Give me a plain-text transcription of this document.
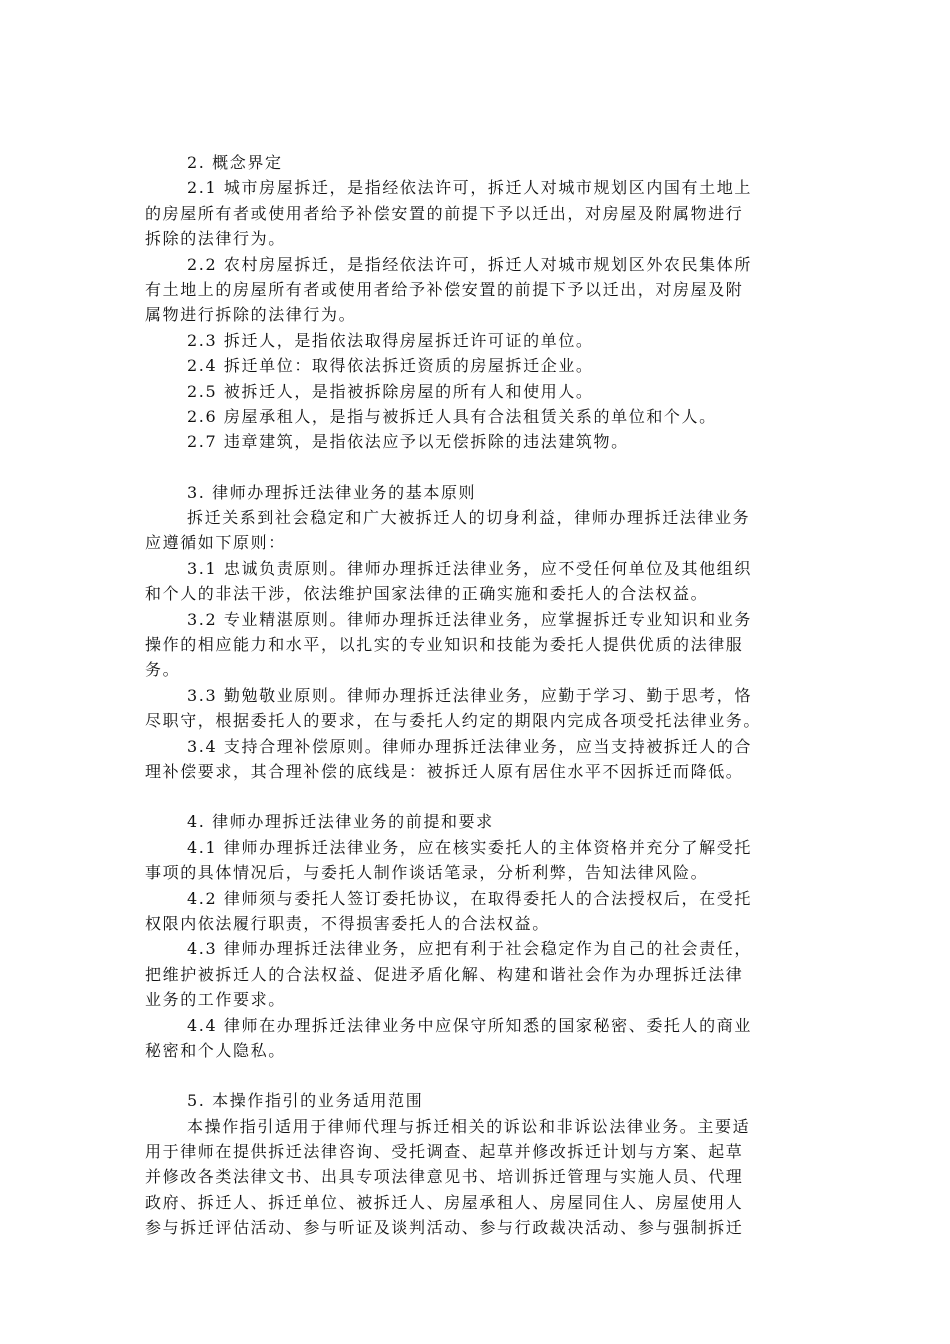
2. 概念界定
2.1 城市房屋拆迁，是指经依法许可，拆迁人对城市规划区内国有土地上
的房屋所有者或使用者给予补偿安置的前提下予以迁出，对房屋及附属物进行
拆除的法律行为。
2.2 农村房屋拆迁，是指经依法许可，拆迁人对城市规划区外农民集体所
有土地上的房屋所有者或使用者给予补偿安置的前提下予以迁出，对房屋及附
属物进行拆除的法律行为。
2.3 拆迁人，是指依法取得房屋拆迁许可证的单位。
2.4 拆迁单位：取得依法拆迁资质的房屋拆迁企业。
2.5 被拆迁人，是指被拆除房屋的所有人和使用人。
2.6 房屋承租人，是指与被拆迁人具有合法租赁关系的单位和个人。
2.7 违章建筑，是指依法应予以无偿拆除的违法建筑物。
3. 律师办理拆迁法律业务的基本原则
拆迁关系到社会稳定和广大被拆迁人的切身利益，律师办理拆迁法律业务
应遵循如下原则：
3.1 忠诚负责原则。律师办理拆迁法律业务，应不受任何单位及其他组织
和个人的非法干涉，依法维护国家法律的正确实施和委托人的合法权益。
3.2 专业精湛原则。律师办理拆迁法律业务，应掌握拆迁专业知识和业务
操作的相应能力和水平，以扎实的专业知识和技能为委托人提供优质的法律服
务。
3.3 勤勉敬业原则。律师办理拆迁法律业务，应勤于学习、勤于思考，恪
尽职守，根据委托人的要求，在与委托人约定的期限内完成各项受托法律业务。
3.4 支持合理补偿原则。律师办理拆迁法律业务，应当支持被拆迁人的合
理补偿要求，其合理补偿的底线是：被拆迁人原有居住水平不因拆迁而降低。
4. 律师办理拆迁法律业务的前提和要求
4.1 律师办理拆迁法律业务，应在核实委托人的主体资格并充分了解受托
事项的具体情况后，与委托人制作谈话笔录，分析利弊，告知法律风险。
4.2 律师须与委托人签订委托协议，在取得委托人的合法授权后，在受托
权限内依法履行职责，不得损害委托人的合法权益。
4.3 律师办理拆迁法律业务，应把有利于社会稳定作为自己的社会责任，
把维护被拆迁人的合法权益、促进矛盾化解、构建和谐社会作为办理拆迁法律
业务的工作要求。
4.4 律师在办理拆迁法律业务中应保守所知悉的国家秘密、委托人的商业
秘密和个人隐私。
5. 本操作指引的业务适用范围
本操作指引适用于律师代理与拆迁相关的诉讼和非诉讼法律业务。主要适
用于律师在提供拆迁法律咨询、受托调查、起草并修改拆迁计划与方案、起草
并修改各类法律文书、出具专项法律意见书、培训拆迁管理与实施人员、代理
政府、拆迁人、拆迁单位、被拆迁人、房屋承租人、房屋同住人、房屋使用人
参与拆迁评估活动、参与听证及谈判活动、参与行政裁决活动、参与强制拆迁
